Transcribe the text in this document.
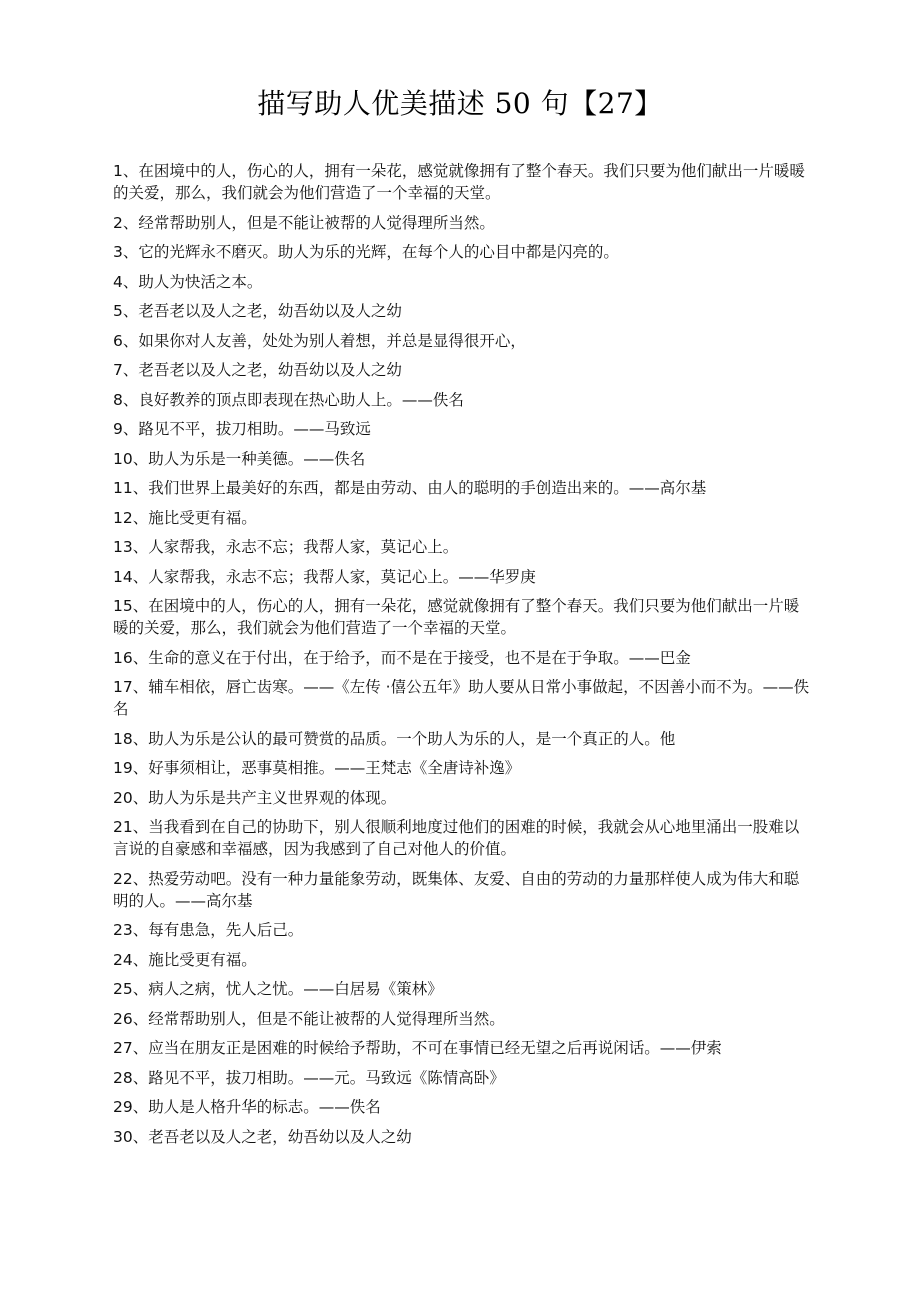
描写助人优美描述 50 句【27】
1、在困境中的人，伤心的人，拥有一朵花，感觉就像拥有了整个春天。我们只要为他们献出一片暖暖的关爱，那么，我们就会为他们营造了一个幸福的天堂。
2、经常帮助别人，但是不能让被帮的人觉得理所当然。
3、它的光辉永不磨灭。助人为乐的光辉，在每个人的心目中都是闪亮的。
4、助人为快活之本。
5、老吾老以及人之老，幼吾幼以及人之幼
6、如果你对人友善，处处为别人着想，并总是显得很开心，
7、老吾老以及人之老，幼吾幼以及人之幼
8、良好教养的顶点即表现在热心助人上。——佚名
9、路见不平，拔刀相助。——马致远
10、助人为乐是一种美德。——佚名
11、我们世界上最美好的东西，都是由劳动、由人的聪明的手创造出来的。——高尔基
12、施比受更有福。
13、人家帮我，永志不忘；我帮人家，莫记心上。
14、人家帮我，永志不忘；我帮人家，莫记心上。——华罗庚
15、在困境中的人，伤心的人，拥有一朵花，感觉就像拥有了整个春天。我们只要为他们献出一片暖暖的关爱，那么，我们就会为他们营造了一个幸福的天堂。
16、生命的意义在于付出，在于给予，而不是在于接受，也不是在于争取。——巴金
17、辅车相依，唇亡齿寒。——《左传 ·僖公五年》助人要从日常小事做起，不因善小而不为。——佚名
18、助人为乐是公认的最可赞赏的品质。一个助人为乐的人，是一个真正的人。他
19、好事须相让，恶事莫相推。——王梵志《全唐诗补逸》
20、助人为乐是共产主义世界观的体现。
21、当我看到在自己的协助下，别人很顺利地度过他们的困难的时候，我就会从心地里涌出一股难以言说的自豪感和幸福感，因为我感到了自己对他人的价值。
22、热爱劳动吧。没有一种力量能象劳动，既集体、友爱、自由的劳动的力量那样使人成为伟大和聪明的人。——高尔基
23、每有患急，先人后己。
24、施比受更有福。
25、病人之病，忧人之忧。——白居易《策林》
26、经常帮助别人，但是不能让被帮的人觉得理所当然。
27、应当在朋友正是困难的时候给予帮助，不可在事情已经无望之后再说闲话。——伊索
28、路见不平，拔刀相助。——元。马致远《陈情高卧》
29、助人是人格升华的标志。——佚名
30、老吾老以及人之老，幼吾幼以及人之幼
